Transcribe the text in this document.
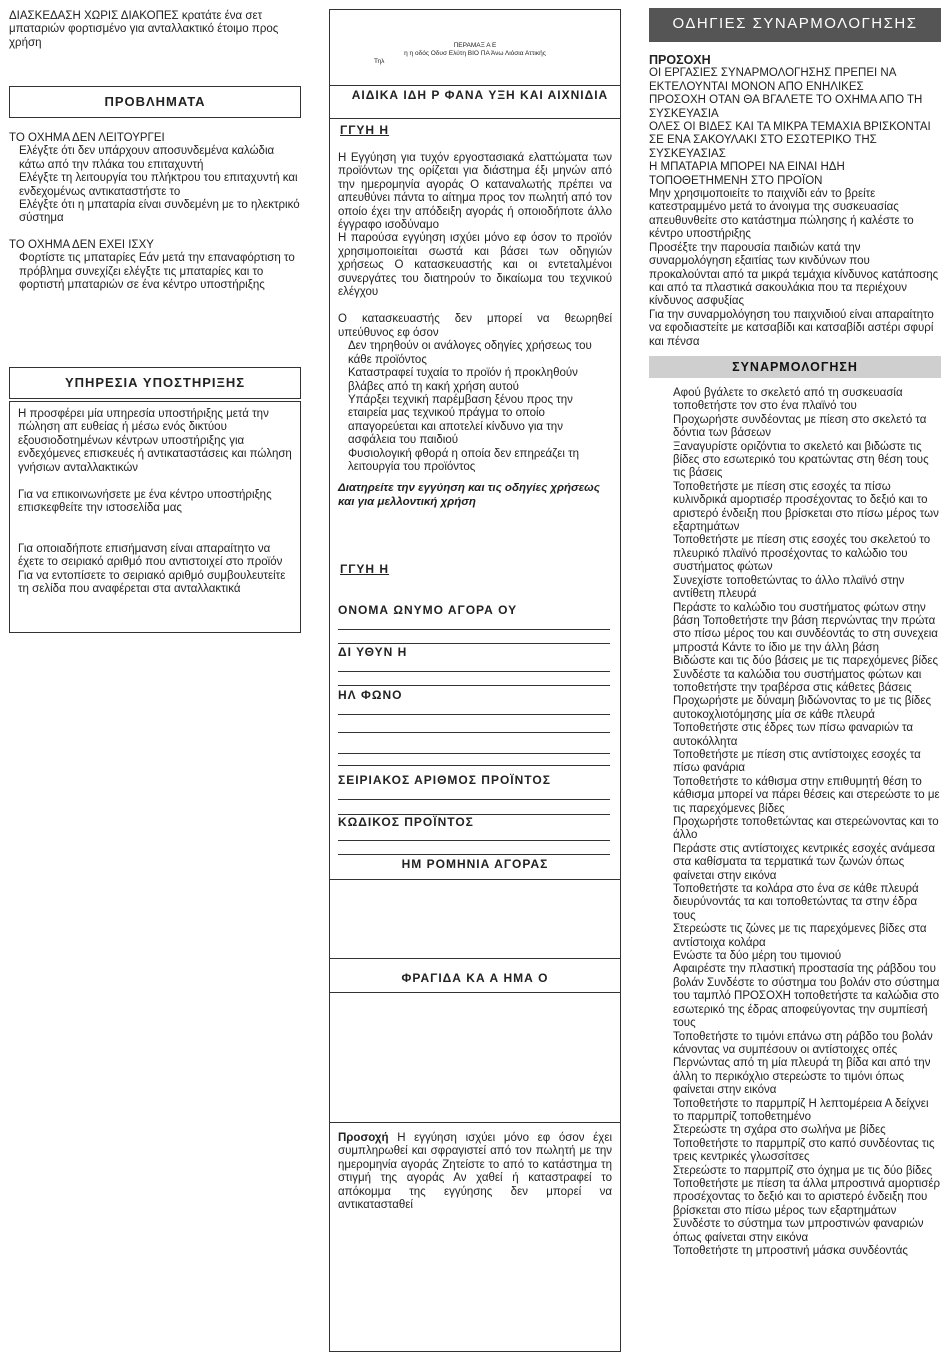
ΔΙΑΣΚΕΔΑΣΗ ΧΩΡΙΣ ΔΙΑΚΟΠΕΣ κρατάτε ένα σετ μπαταριών φορτισμένο για ανταλλακτικό έτοιμο προς χρήση

ΠΡΟΒΛΗΜΑΤΑ

ΤΟ ΟΧΗΜΑ ΔΕΝ ΛΕΙΤΟΥΡΓΕΙ

Ελέγξτε ότι δεν υπάρχουν αποσυνδεμένα καλώδια κάτω από την πλάκα του επιταχυντή

Ελέγξτε τη λειτουργία του πλήκτρου του επιταχυντή και ενδεχομένως αντικαταστήστε το

Ελέγξτε ότι η μπαταρία είναι συνδεμένη με το ηλεκτρικό σύστημα

ΤΟ ΟΧΗΜΑ ΔΕΝ ΕΧΕΙ ΙΣΧΥ

Φορτίστε τις μπαταρίες Εάν μετά την επαναφόρτιση το πρόβλημα συνεχίζει ελέγξτε τις μπαταρίες και το φορτιστή μπαταριών σε ένα κέντρο υποστήριξης

ΥΠΗΡΕΣΙΑ ΥΠΟΣΤΗΡΙΞΗΣ

Η προσφέρει μία υπηρεσία υποστήριξης μετά την πώληση απ ευθείας ή μέσω ενός δικτύου εξουσιοδοτημένων κέντρων υποστήριξης για ενδεχόμενες επισκευές ή αντικαταστάσεις και πώληση γνήσιων ανταλλακτικών

Για να επικοινωνήσετε με ένα κέντρο υποστήριξης επισκεφθείτε την ιστοσελίδα μας

Για οποιαδήποτε επισήμανση είναι απαραίτητο να έχετε το σειριακό αριθμό που αντιστοιχεί στο προϊόν Για να εντοπίσετε το σειριακό αριθμό συμβουλευτείτε τη σελίδα που αναφέρεται στα ανταλλακτικά

ΠΕΡΑΜΑΞ Α Ε
η η οδός Οδυσ Ελύτη ΒΙΟ ΠΑ Άνω Λιόσια Αττικής
Τηλ
ΑΙΔΙΚΑ ΙΔΗ Ρ ΦΑΝΑ ΥΞΗ ΚΑΙ ΑΙΧΝΙΔΙΑ
ΓΓΥΗ Η

Η Εγγύηση για τυχόν εργοστασιακά ελαττώματα των προϊόντων της ορίζεται για διάστημα έξι μηνών από την ημερομηνία αγοράς Ο καταναλωτής πρέπει να απευθύνει πάντα το αίτημα προς τον πωλητή από τον οποίο έχει την απόδειξη αγοράς ή οποιοδήποτε άλλο έγγραφο ισοδύναμο

Η παρούσα εγγύηση ισχύει μόνο εφ όσον το προϊόν χρησιμοποιείται σωστά και βάσει των οδηγιών χρήσεως Ο κατασκευαστής και οι εντεταλμένοι συνεργάτες του διατηρούν το δικαίωμα του τεχνικού ελέγχου

Ο κατασκευαστής δεν μπορεί να θεωρηθεί υπεύθυνος εφ όσον

Δεν τηρηθούν οι ανάλογες οδηγίες χρήσεως του κάθε προϊόντος

Καταστραφεί τυχαία το προϊόν ή προκληθούν βλάβες από τη κακή χρήση αυτού

Υπάρξει τεχνική παρέμβαση ξένου προς την εταιρεία μας τεχνικού πράγμα το οποίο απαγορεύεται και αποτελεί κίνδυνο για την ασφάλεια του παιδιού

Φυσιολογική φθορά η οποία δεν επηρεάζει τη λειτουργία του προϊόντος

Διατηρείτε την εγγύηση και τις οδηγίες χρήσεως και για μελλοντική χρήση

ΓΓΥΗ Η
ΟΝΟΜΑ ΩΝΥΜΟ ΑΓΟΡΑ ΟΥ
ΔΙ ΥΘΥΝ Η
ΗΛ ΦΩΝΟ
ΣΕΙΡΙΑΚΟΣ ΑΡΙΘΜΟΣ ΠΡΟΪΝΤΟΣ
ΚΩΔΙΚΟΣ ΠΡΟΪΝΤΟΣ
ΗΜ ΡΟΜΗΝΙΑ ΑΓΟΡΑΣ
ΦΡΑΓΙΔΑ ΚΑ Α ΗΜΑ Ο
Προσοχή Η εγγύηση ισχύει μόνο εφ όσον έχει συμπληρωθεί και σφραγιστεί από τον πωλητή με την ημερομηνία αγοράς Ζητείστε το από το κατάστημα τη στιγμή της αγοράς Αν χαθεί ή καταστραφεί το απόκομμα της εγγύησης δεν μπορεί να αντικατασταθεί
ΟΔΗΓΙΕΣ ΣΥΝΑΡΜΟΛΟΓΗΣΗΣ

ΠΡΟΣΟΧΗ

ΟΙ ΕΡΓΑΣΙΕΣ ΣΥΝΑΡΜΟΛΟΓΗΣΗΣ ΠΡΕΠΕΙ ΝΑ ΕΚΤΕΛΟΥΝΤΑΙ ΜΟΝΟΝ ΑΠΟ ΕΝΗΛΙΚΕΣ

ΠΡΟΣΟΧΗ ΟΤΑΝ ΘΑ ΒΓΑΛΕΤΕ ΤΟ ΟΧΗΜΑ ΑΠΟ ΤΗ ΣΥΣΚΕΥΑΣΙΑ

ΟΛΕΣ ΟΙ ΒΙΔΕΣ ΚΑΙ ΤΑ ΜΙΚΡΑ ΤΕΜΑΧΙΑ ΒΡΙΣΚΟΝΤΑΙ ΣΕ ΕΝΑ ΣΑΚΟΥΛΑΚΙ ΣΤΟ ΕΣΩΤΕΡΙΚΟ ΤΗΣ ΣΥΣΚΕΥΑΣΙΑΣ

Η ΜΠΑΤΑΡΙΑ ΜΠΟΡΕΙ ΝΑ ΕΙΝΑΙ ΗΔΗ ΤΟΠΟΘΕΤΗΜΕΝΗ ΣΤΟ ΠΡΟΪΟΝ

Μην χρησιμοποιείτε το παιχνίδι εάν το βρείτε κατεστραμμένο μετά το άνοιγμα της συσκευασίας απευθυνθείτε στο κατάστημα πώλησης ή καλέστε το κέντρο υποστήριξης

Προσέξτε την παρουσία παιδιών κατά την συναρμολόγηση εξαιτίας των κινδύνων που προκαλούνται από τα μικρά τεμάχια κίνδυνος κατάποσης και από τα πλαστικά σακουλάκια που τα περιέχουν κίνδυνος ασφυξίας

Για την συναρμολόγηση του παιχνιδιού είναι απαραίτητο να εφοδιαστείτε με κατσαβίδι και κατσαβίδι αστέρι σφυρί και πένσα

ΣΥΝΑΡΜΟΛΟΓΗΣΗ

Αφού βγάλετε το σκελετό από τη συσκευασία τοποθετήστε τον στο ένα πλαϊνό του

Προχωρήστε συνδέοντας με πίεση στο σκελετό τα δόντια των βάσεων

Ξαναγυρίστε οριζόντια το σκελετό και βιδώστε τις βίδες στο εσωτερικό του κρατώντας στη θέση τους τις βάσεις

Τοποθετήστε με πίεση στις εσοχές τα πίσω κυλινδρικά αμορτισέρ προσέχοντας το δεξιό και το αριστερό ένδειξη που βρίσκεται στο πίσω μέρος των εξαρτημάτων

Τοποθετήστε με πίεση στις εσοχές του σκελετού το πλευρικό πλαϊνό προσέχοντας το καλώδιο του συστήματος φώτων

Συνεχίστε τοποθετώντας το άλλο πλαϊνό στην αντίθετη πλευρά

Περάστε το καλώδιο του συστήματος φώτων στην βάση Τοποθετήστε την βάση περνώντας την πρώτα στο πίσω μέρος του και συνδέοντάς το στη συνεχεια μπροστά Κάντε το ίδιο με την άλλη βάση

Βιδώστε και τις δύο βάσεις με τις παρεχόμενες βίδες

Συνδέστε τα καλώδια του συστήματος φώτων και τοποθετήστε την τραβέρσα στις κάθετες βάσεις

Προχωρήστε με δύναμη βιδώνοντας το με τις βίδες αυτοκοχλιοτόμησης μία σε κάθε πλευρά

Τοποθετήστε στις έδρες των πίσω φαναριών τα αυτοκόλλητα

Τοποθετήστε με πίεση στις αντίστοιχες εσοχές τα πίσω φανάρια

Τοποθετήστε το κάθισμα στην επιθυμητή θέση το κάθισμα μπορεί να πάρει θέσεις και στερεώστε το με τις παρεχόμενες βίδες

Προχωρήστε τοποθετώντας και στερεώνοντας και το άλλο

Περάστε στις αντίστοιχες κεντρικές εσοχές ανάμεσα στα καθίσματα τα τερματικά των ζωνών όπως φαίνεται στην εικόνα

Τοποθετήστε τα κολάρα στο ένα σε κάθε πλευρά διευρύνοντάς τα και τοποθετώντας τα στην έδρα τους

Στερεώστε τις ζώνες με τις παρεχόμενες βίδες στα αντίστοιχα κολάρα

Ενώστε τα δύο μέρη του τιμονιού

Αφαιρέστε την πλαστική προστασία της ράβδου του βολάν Συνδέστε το σύστημα του βολάν στο σύστημα του ταμπλό ΠΡΟΣΟΧΗ τοποθετήστε τα καλώδια στο εσωτερικό της έδρας αποφεύγοντας την συμπίεσή τους

Τοποθετήστε το τιμόνι επάνω στη ράβδο του βολάν κάνοντας να συμπέσουν οι αντίστοιχες οπές

Περνώντας από τη μία πλευρά τη βίδα και από την άλλη το περικόχλιο στερεώστε το τιμόνι όπως φαίνεται στην εικόνα

Τοποθετήστε το παρμπρίζ Η λεπτομέρεια Α δείχνει το παρμπρίζ τοποθετημένο

Στερεώστε τη σχάρα στο σωλήνα με βίδες

Τοποθετήστε το παρμπρίζ στο καπό συνδέοντας τις τρεις κεντρικές γλωσσίτσες

Στερεώστε το παρμπρίζ στο όχημα με τις δύο βίδες

Τοποθετήστε με πίεση τα άλλα μπροστινά αμορτισέρ προσέχοντας το δεξιό και το αριστερό ένδειξη που βρίσκεται στο πίσω μέρος των εξαρτημάτων

Συνδέστε το σύστημα των μπροστινών φαναριών όπως φαίνεται στην εικόνα

Τοποθετήστε τη μπροστινή μάσκα συνδέοντάς
